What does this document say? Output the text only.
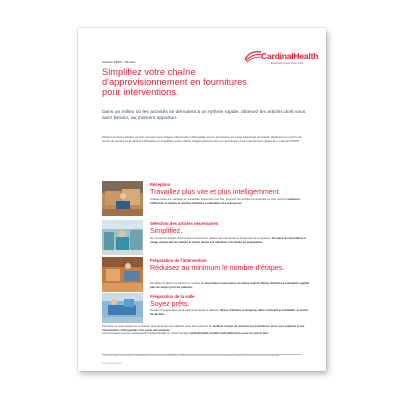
Solution PROS – Résumé
CardinalHealth
Essential to care since 1971
Simplifiez votre chaîne d'approvisionnement en fournitures pour interventions.
Dans un milieu où les activités se déroulent à un rythme rapide, obtenez les articles dont vous avez besoin, au moment opportun.
Obtenir les bons articles au bon moment pour chaque intervention chirurgicale est un processus qui exige beaucoup de travail. Réduisez le nombre de points de service et améliorez l'efficacité en simplifiant votre chaîne d'approvisionnement en fournitures pour interventions grâce aux modules PROS.
Réception
Travaillez plus vite et plus intelligemment.
Chaque boîte est marquée et manipulée seulement une fois. Groupez les articles commandés et vous pourrez améliorer l'efficacité et réduire le nombre d'articles à manipuler et à entreposer.
Sélection des articles nécessaires
Simplifiez.
De nombreux articles doivent être trouvés pour réaliser les interventions fréquentes et complexes. Groupez les fournitures à usage unique afin de réduire le temps passé à la sélection et la durée de préparation.
Préparation de l'intervention
Réduisez au minimum le nombre d'étapes.
Simplifiez la tâche et réduisez le nombre de fournitures nécessaires au même endroit. Moins d'articles à manipuler signifie plus de temps pour les patients.
Préparation de la salle
Soyez prêts.
Rendez la préparation de la salle plus rapide et efficace. Moins d'articles à récupérer dans l'entrepôt et à déballer, et moins de déchets.
Permettez à votre équipe de consacrer plus de temps aux patients avec des solutions de meilleur moyen de recevoir vos fournitures pour vous préparer à vos interventions chirurgicales. Vos soins aux patients.
Communiquez avec le représentant Cardinal Health ou visitez la page cardinalhealth.com/ProceduralServices pour en savoir plus.
© 2023 Cardinal Health. Tous droits réservés. CARDINAL HEALTH, le logo Cardinal Health et ESSENTIAL TO CARE sont des marques de commerce de Cardinal Health et pourraient être enregistrées au Canada, aux États-Unis ou dans d'autres pays.
Lit. No. 2SR23-1234567-FR
